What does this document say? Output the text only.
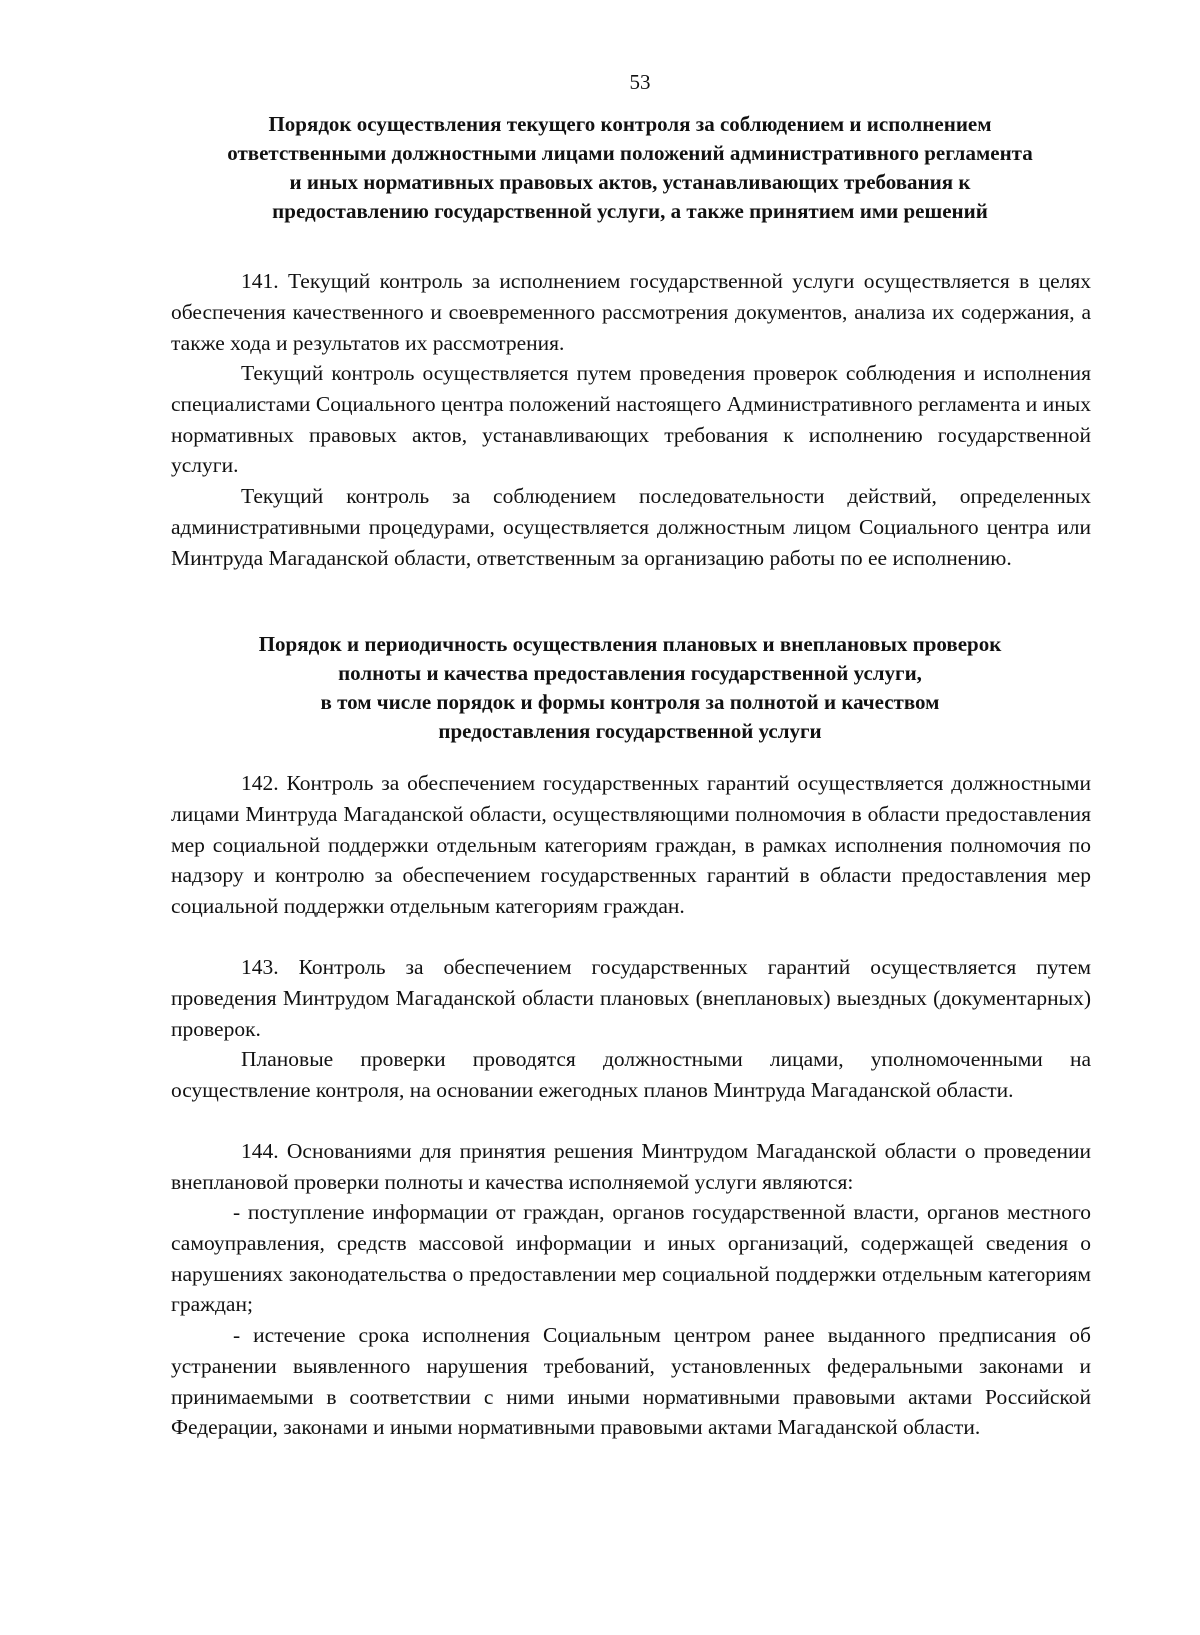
53
Порядок осуществления текущего контроля за соблюдением и исполнением
ответственными должностными лицами положений административного регламента
и иных нормативных правовых актов, устанавливающих требования к
предоставлению государственной услуги, а также принятием ими решений

141. Текущий контроль за исполнением государственной услуги осуществляется в целях обеспечения качественного и своевременного рассмотрения документов, анализа их содержания, а также хода и результатов их рассмотрения.

Текущий контроль осуществляется путем проведения проверок соблюдения и исполнения специалистами Социального центра положений настоящего Административного регламента и иных нормативных правовых актов, устанавливающих требования к исполнению государственной услуги.

Текущий контроль за соблюдением последовательности действий, определенных административными процедурами, осуществляется должностным лицом Социального центра или Минтруда Магаданской области, ответственным за организацию работы по ее исполнению.

Порядок и периодичность осуществления плановых и внеплановых проверок
полноты и качества предоставления государственной услуги,
в том числе порядок и формы контроля за полнотой и качеством
предоставления государственной услуги

142. Контроль за обеспечением государственных гарантий осуществляется должностными лицами Минтруда Магаданской области, осуществляющими полномочия в области предоставления мер социальной поддержки отдельным категориям граждан, в рамках исполнения полномочия по надзору и контролю за обеспечением государственных гарантий в области предоставления мер социальной поддержки отдельным категориям граждан.

143. Контроль за обеспечением государственных гарантий осуществляется путем проведения Минтрудом Магаданской области плановых (внеплановых) выездных (документарных) проверок.

Плановые проверки проводятся должностными лицами, уполномоченными на осуществление контроля, на основании ежегодных планов Минтруда Магаданской области.

144. Основаниями для принятия решения Минтрудом Магаданской области о проведении внеплановой проверки полноты и качества исполняемой услуги являются:

- поступление информации от граждан, органов государственной власти, органов местного самоуправления, средств массовой информации и иных организаций, содержащей сведения о нарушениях законодательства о предоставлении мер социальной поддержки отдельным категориям граждан;

- истечение срока исполнения Социальным центром ранее выданного предписания об устранении выявленного нарушения требований, установленных федеральными законами и принимаемыми в соответствии с ними иными нормативными правовыми актами Российской Федерации, законами и иными нормативными правовыми актами Магаданской области.
